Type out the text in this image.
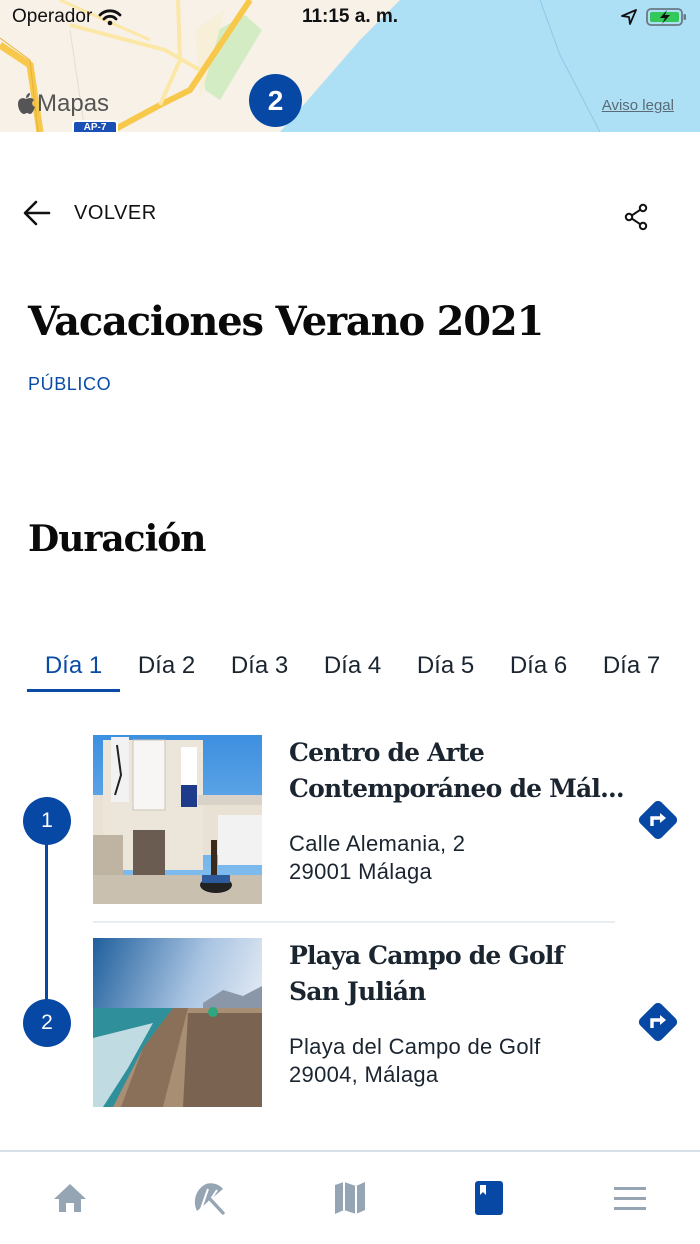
Operador	11:15 a. m.
Mapas
AP-7
2	Aviso legal
VOLVER
Vacaciones Verano 2021
PÚBLICO
Duración
Día 1	Día 2	Día 3	Día 4	Día 5	Día 6	Día 7
1
2
Centro de Arte
Contemporáneo de Mál...
Calle Alemania, 2
29001 Málaga
Playa Campo de Golf
San Julián
Playa del Campo de Golf
29004, Málaga
